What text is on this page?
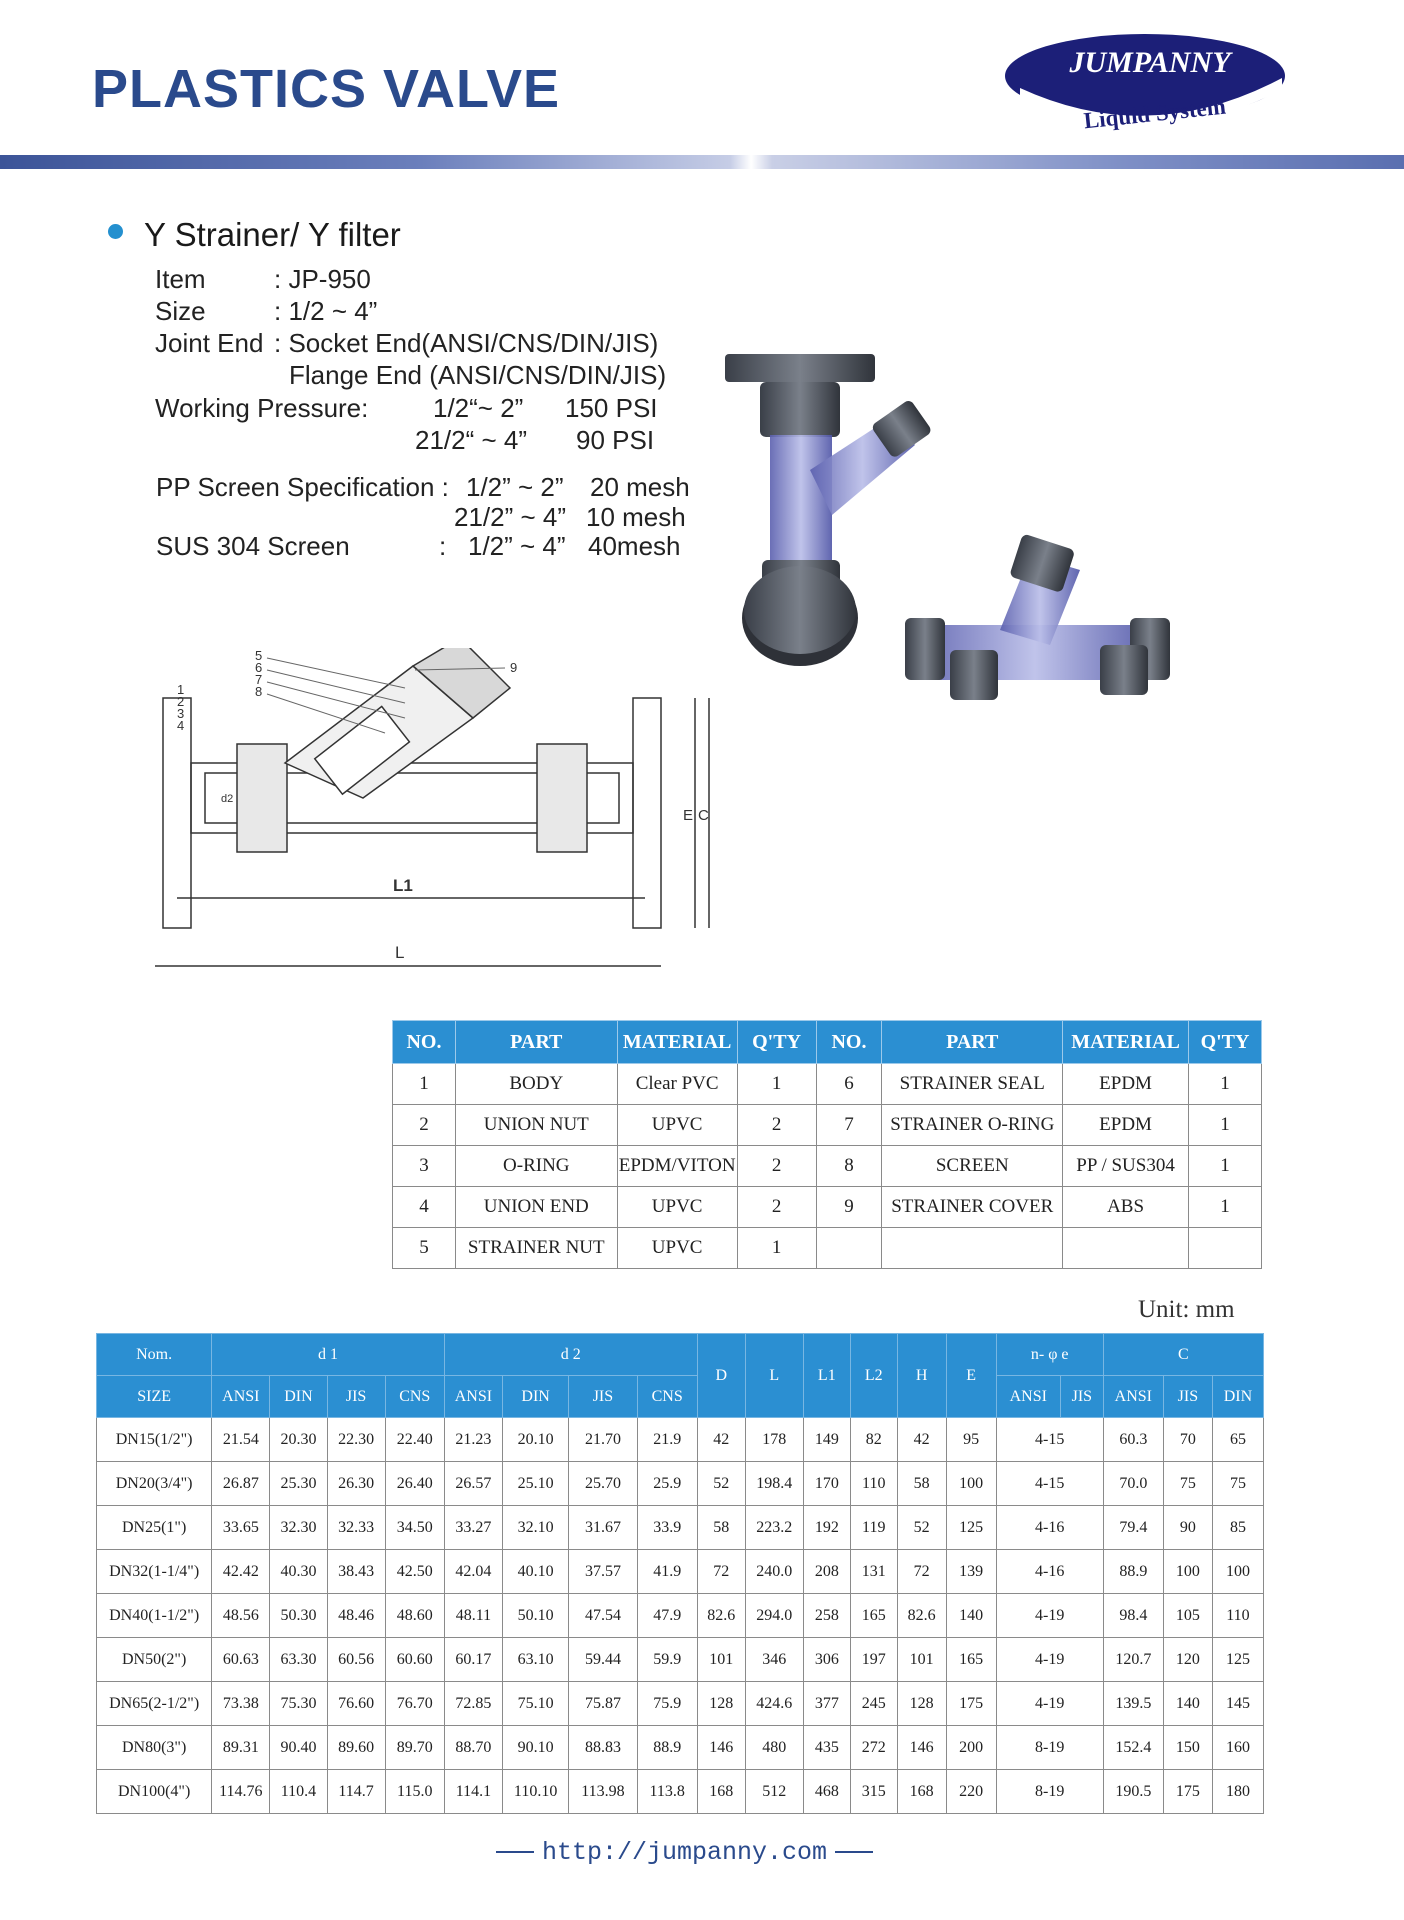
PLASTICS VALVE	JUMPANNY
Liquid System
Y Strainer/ Y filter
Item	: JP-950
Size	: 1/2 ~ 4”
Joint End : Socket End(ANSI/CNS/DIN/JIS)
Flange End (ANSI/CNS/DIN/JIS)
Working Pressure: 1/2“~ 2” 150 PSI
21/2“ ~ 4” 90 PSI
PP Screen Specification : 1/2” ~ 2” 20 mesh
21/2” ~ 4” 10 mesh
SUS 304 Screen	: 1/2” ~ 4” 40mesh
1
2
3
4
5
6
7
8
9
d2
L1
L
E C
NO.	PART	MATERIAL	Q'TY	NO.	PART	MATERIAL	Q'TY
1	BODY	Clear PVC	1	6	STRAINER SEAL	EPDM	1
2	UNION NUT	UPVC	2	7	STRAINER O-RING	EPDM	1
3	O-RING	EPDM/VITON	2	8	SCREEN	PP / SUS304	1
4	UNION END	UPVC	2	9	STRAINER COVER	ABS	1
5	STRAINER NUT	UPVC	1				
Unit: mm
Nom.	d 1				d 2				D	L	L1	L2	H	E	n- φ e		C		
SIZE	ANSI	DIN	JIS	CNS	ANSI	DIN	JIS	CNS							ANSI	JIS	ANSI	JIS	DIN
DN15(1/2")	21.54	20.30	22.30	22.40	21.23	20.10	21.70	21.9	42	178	149	82	42	95	4-15		60.3	70	65
DN20(3/4")	26.87	25.30	26.30	26.40	26.57	25.10	25.70	25.9	52	198.4	170	110	58	100	4-15		70.0	75	75
DN25(1")	33.65	32.30	32.33	34.50	33.27	32.10	31.67	33.9	58	223.2	192	119	52	125	4-16		79.4	90	85
DN32(1-1/4")	42.42	40.30	38.43	42.50	42.04	40.10	37.57	41.9	72	240.0	208	131	72	139	4-16		88.9	100	100
DN40(1-1/2")	48.56	50.30	48.46	48.60	48.11	50.10	47.54	47.9	82.6	294.0	258	165	82.6	140	4-19		98.4	105	110
DN50(2")	60.63	63.30	60.56	60.60	60.17	63.10	59.44	59.9	101	346	306	197	101	165	4-19		120.7	120	125
DN65(2-1/2")	73.38	75.30	76.60	76.70	72.85	75.10	75.87	75.9	128	424.6	377	245	128	175	4-19		139.5	140	145
DN80(3")	89.31	90.40	89.60	89.70	88.70	90.10	88.83	88.9	146	480	435	272	146	200	8-19		152.4	150	160
DN100(4")	114.76	110.4	114.7	115.0	114.1	110.10	113.98	113.8	168	512	468	315	168	220	8-19		190.5	175	180
http://jumpanny.com
